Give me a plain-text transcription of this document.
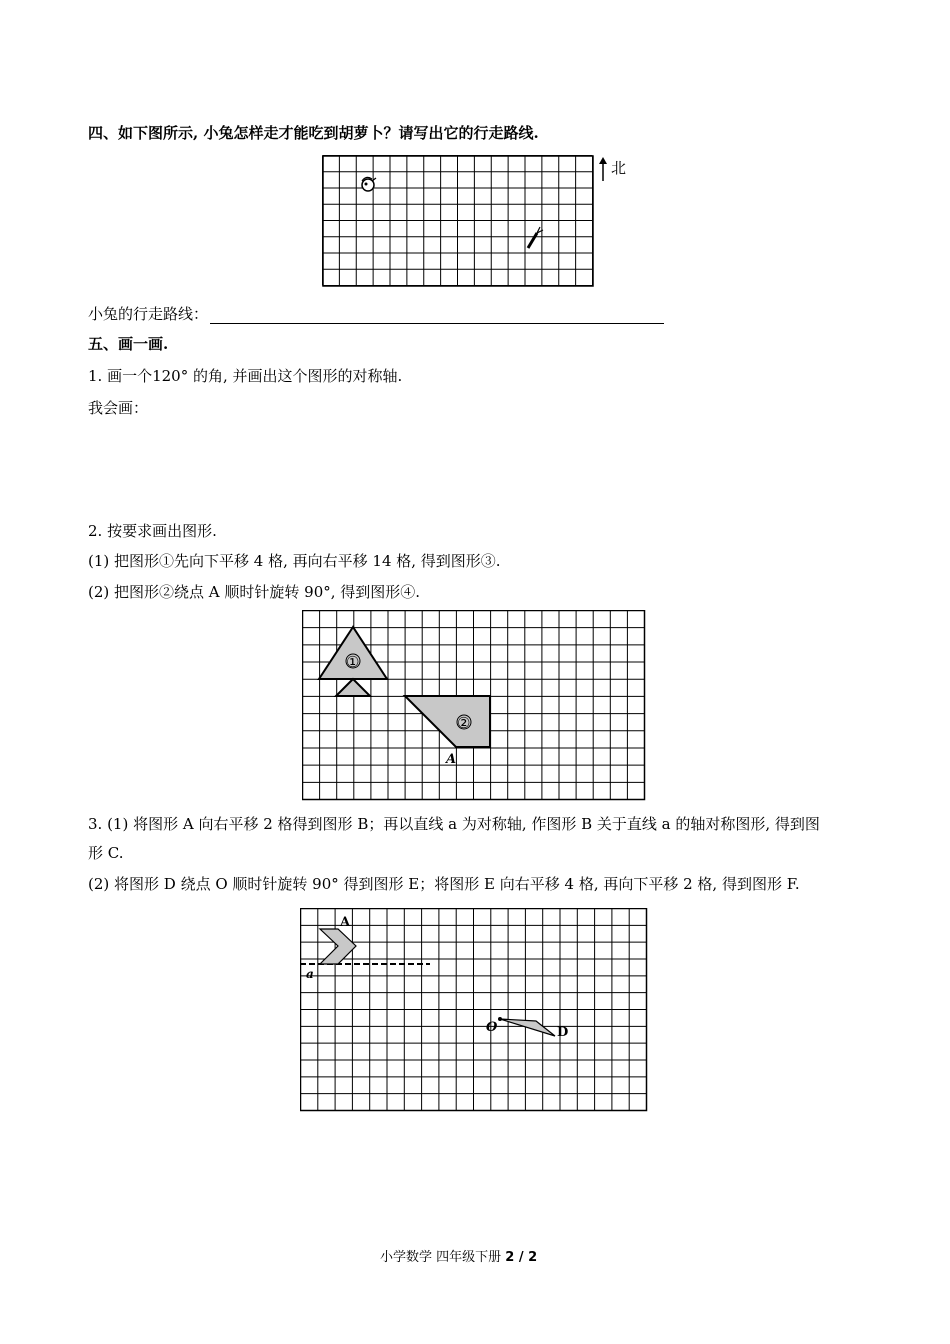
四、如下图所示, 小兔怎样走才能吃到胡萝卜？请写出它的行走路线.
北
小兔的行走路线：
五、画一画.
1. 画一个120° 的角, 并画出这个图形的对称轴.
我会画：
2. 按要求画出图形.
(1) 把图形①先向下平移 4 格, 再向右平移 14 格, 得到图形③.
(2) 把图形②绕点 A 顺时针旋转 90°, 得到图形④.
①
②
A
3. (1) 将图形 A 向右平移 2 格得到图形 B；再以直线 a 为对称轴, 作图形 B 关于直线 a 的轴对称图形, 得到图
形 C.
(2) 将图形 D 绕点 O 顺时针旋转 90° 得到图形 E；将图形 E 向右平移 4 格, 再向下平移 2 格, 得到图形 F.
a
A
O	D
小学数学 四年级下册 2 / 2
